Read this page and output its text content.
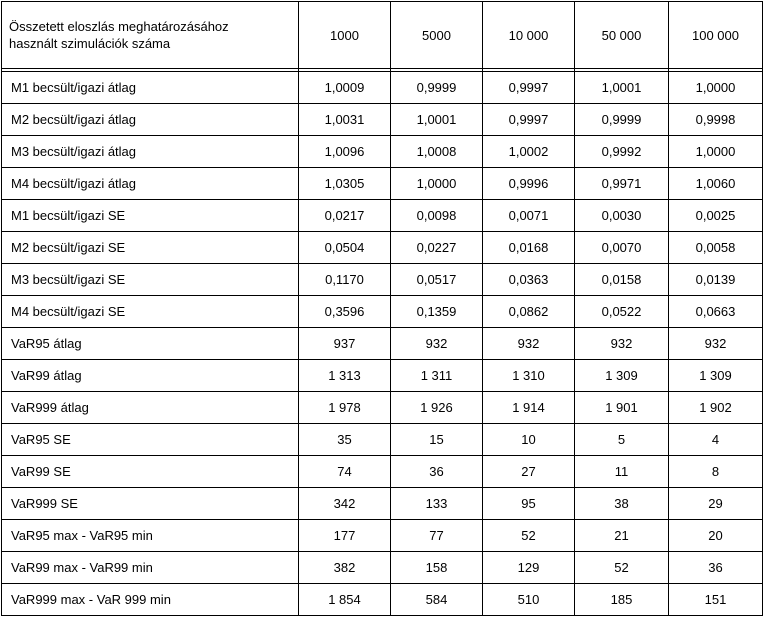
Összetett eloszlás meghatározásához
használt szimulációk száma	1000	5000	10 000	50 000	100 000

M1 becsült/igazi átlag	1,0009	0,9999	0,9997	1,0001	1,0000
M2 becsült/igazi átlag	1,0031	1,0001	0,9997	0,9999	0,9998
M3 becsült/igazi átlag	1,0096	1,0008	1,0002	0,9992	1,0000
M4 becsült/igazi átlag	1,0305	1,0000	0,9996	0,9971	1,0060
M1 becsült/igazi SE	0,0217	0,0098	0,0071	0,0030	0,0025
M2 becsült/igazi SE	0,0504	0,0227	0,0168	0,0070	0,0058
M3 becsült/igazi SE	0,1170	0,0517	0,0363	0,0158	0,0139
M4 becsült/igazi SE	0,3596	0,1359	0,0862	0,0522	0,0663
VaR95 átlag	937	932	932	932	932
VaR99 átlag	1 313	1 311	1 310	1 309	1 309
VaR999 átlag	1 978	1 926	1 914	1 901	1 902
VaR95 SE	35	15	10	5	4
VaR99 SE	74	36	27	11	8
VaR999 SE	342	133	95	38	29
VaR95 max - VaR95 min	177	77	52	21	20
VaR99 max - VaR99 min	382	158	129	52	36
VaR999 max - VaR 999 min	1 854	584	510	185	151
